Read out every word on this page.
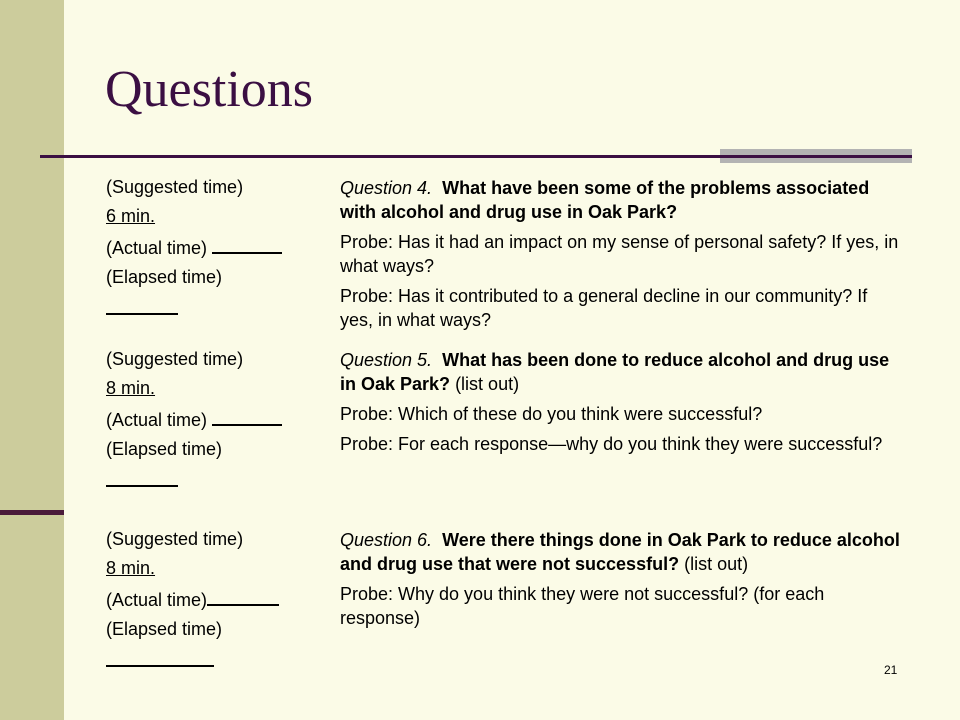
Questions
(Suggested time)
6 min.
(Actual time)
(Elapsed time)

Question 4. What have been some of the problems associated with alcohol and drug use in Oak Park?

Probe: Has it had an impact on my sense of personal safety? If yes, in what ways?

Probe: Has it contributed to a general decline in our community? If yes, in what ways?

(Suggested time)
8 min.
(Actual time)
(Elapsed time)

Question 5. What has been done to reduce alcohol and drug use in Oak Park? (list out)

Probe: Which of these do you think were successful?

Probe: For each response—why do you think they were successful?

(Suggested time)
8 min.
(Actual time)
(Elapsed time)

Question 6. Were there things done in Oak Park to reduce alcohol and drug use that were not successful? (list out)

Probe: Why do you think they were not successful? (for each response)

21
